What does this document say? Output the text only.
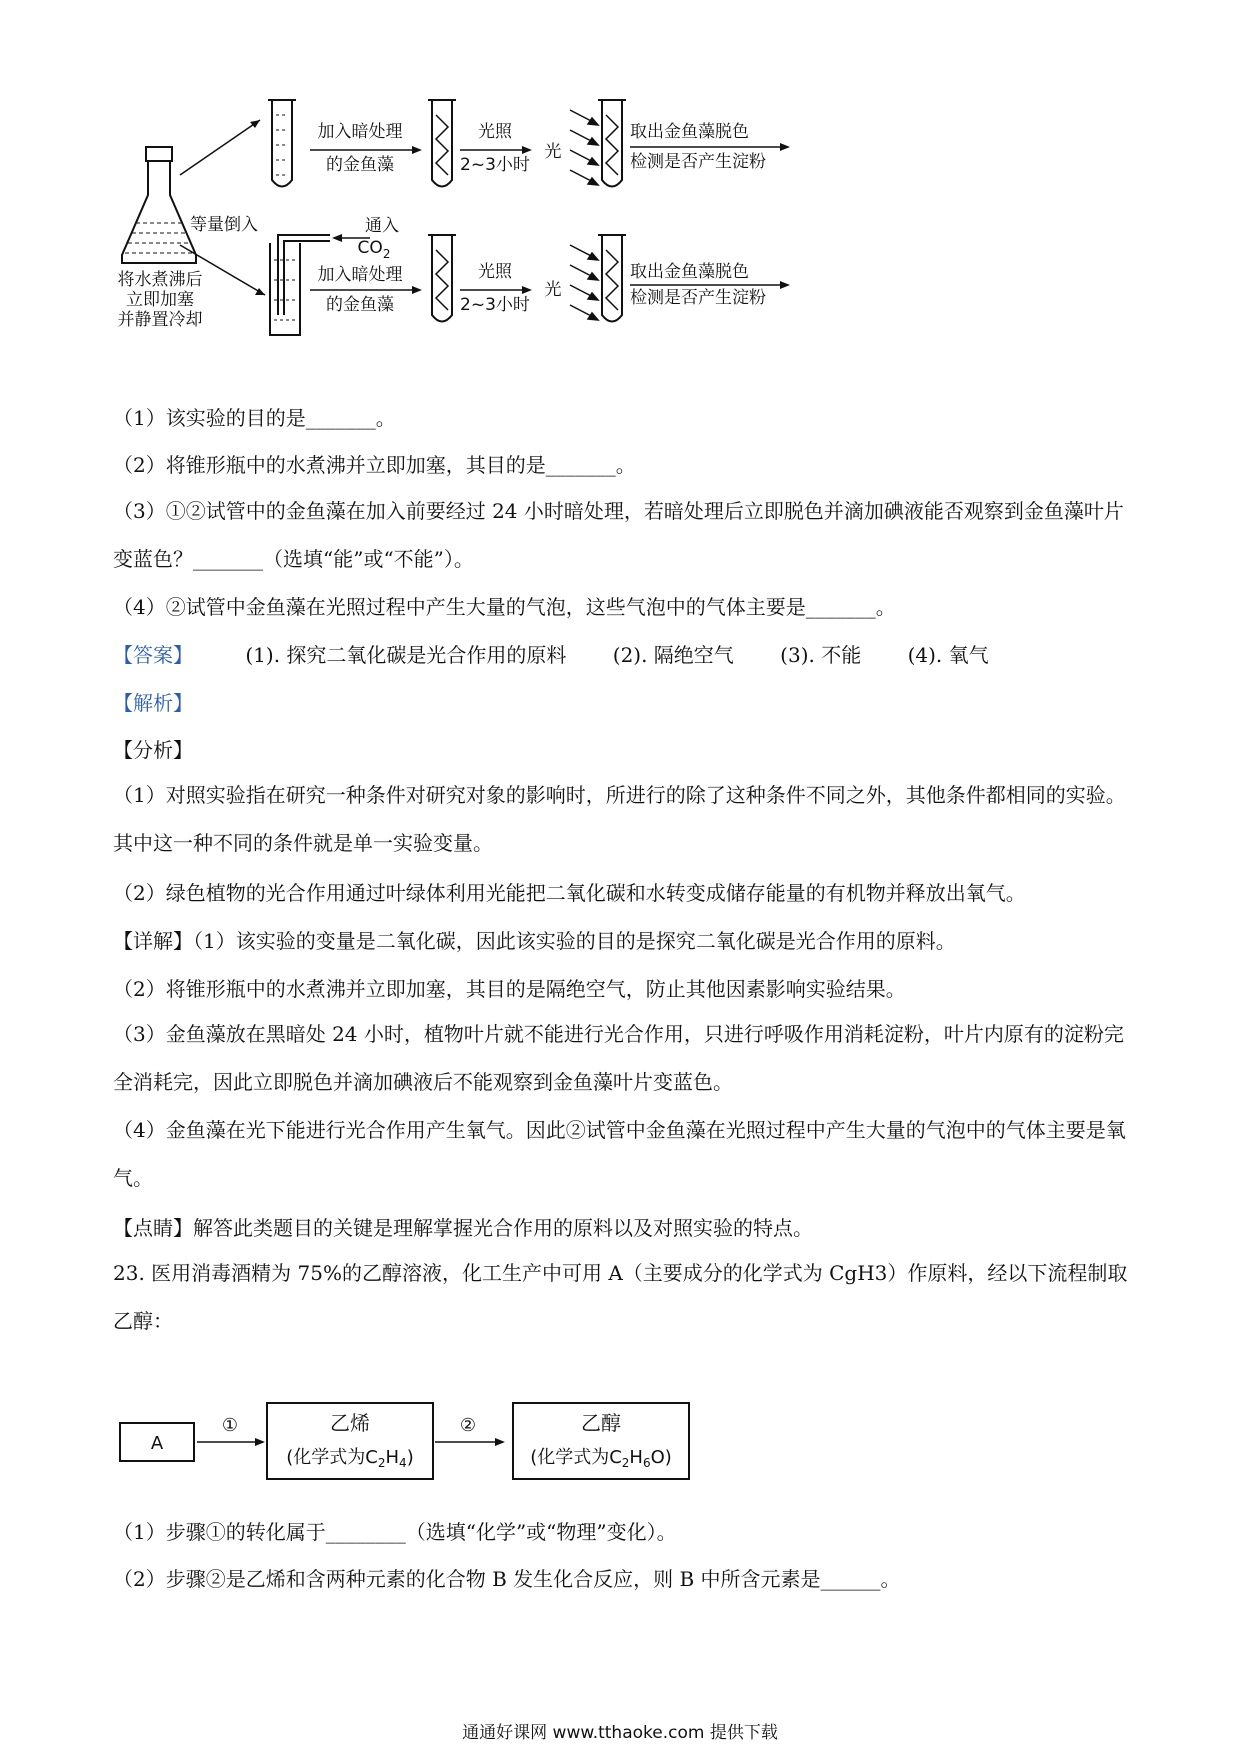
将水煮沸后
立即加塞
并静置冷却
等量倒入
加入暗处理
的金鱼藻
光照
2~3小时
光
取出金鱼藻脱色
检测是否产生淀粉
通入
$CO_2$
加入暗处理
的金鱼藻
光照
2~3小时
光
取出金鱼藻脱色
检测是否产生淀粉
（1）该实验的目的是_______。
（2）将锥形瓶中的水煮沸并立即加塞，其目的是_______。
（3）①②试管中的金鱼藻在加入前要经过 24 小时暗处理，若暗处理后立即脱色并滴加碘液能否观察到金鱼藻叶片变蓝色？_______（选填“能”或“不能”）。
（4）②试管中金鱼藻在光照过程中产生大量的气泡，这些气泡中的气体主要是_______。
【答案】	(1). 探究二氧化碳是光合作用的原料 (2). 隔绝空气 (3). 不能 (4). 氧气
【解析】
【分析】
（1）对照实验指在研究一种条件对研究对象的影响时，所进行的除了这种条件不同之外，其他条件都相同的实验。其中这一种不同的条件就是单一实验变量。
（2）绿色植物的光合作用通过叶绿体利用光能把二氧化碳和水转变成储存能量的有机物并释放出氧气。
【详解】（1）该实验的变量是二氧化碳，因此该实验的目的是探究二氧化碳是光合作用的原料。
（2）将锥形瓶中的水煮沸并立即加塞，其目的是隔绝空气，防止其他因素影响实验结果。
（3）金鱼藻放在黑暗处 24 小时，植物叶片就不能进行光合作用，只进行呼吸作用消耗淀粉，叶片内原有的淀粉完全消耗完，因此立即脱色并滴加碘液后不能观察到金鱼藻叶片变蓝色。
（4）金鱼藻在光下能进行光合作用产生氧气。因此②试管中金鱼藻在光照过程中产生大量的气泡中的气体主要是氧气。
【点睛】解答此类题目的关键是理解掌握光合作用的原料以及对照实验的特点。
23. 医用消毒酒精为 75%的乙醇溶液，化工生产中可用 A（主要成分的化学式为 CgH3）作原料，经以下流程制取乙醇：
A
①	乙烯
(化学式为$C_2H_4$)
②	乙醇
(化学式为$C_2H_6O$)
（1）步骤①的转化属于________（选填“化学”或“物理”变化）。
（2）步骤②是乙烯和含两种元素的化合物 B 发生化合反应，则 B 中所含元素是______。
通通好课网 www.tthaoke.com 提供下载
